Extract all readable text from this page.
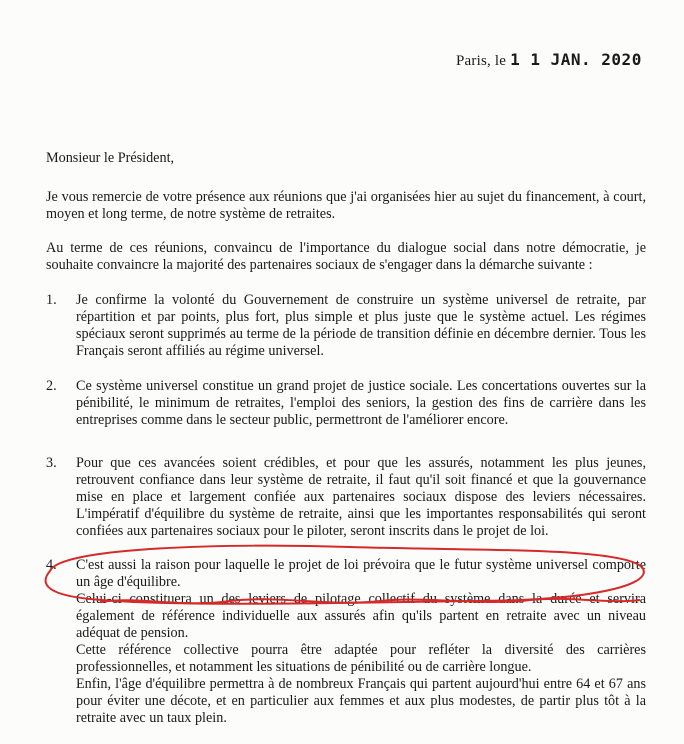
Paris, le 1 1 JAN. 2020
Monsieur le Président,

Je vous remercie de votre présence aux réunions que j'ai organisées hier au sujet du financement, à court, moyen et long terme, de notre système de retraites.

Au terme de ces réunions, convaincu de l'importance du dialogue social dans notre démocratie, je souhaite convaincre la majorité des partenaires sociaux de s'engager dans la démarche suivante :

1. Je confirme la volonté du Gouvernement de construire un système universel de retraite, par répartition et par points, plus fort, plus simple et plus juste que le système actuel. Les régimes spéciaux seront supprimés au terme de la période de transition définie en décembre dernier. Tous les Français seront affiliés au régime universel.

2. Ce système universel constitue un grand projet de justice sociale. Les concertations ouvertes sur la pénibilité, le minimum de retraites, l'emploi des seniors, la gestion des fins de carrière dans les entreprises comme dans le secteur public, permettront de l'améliorer encore.

3. Pour que ces avancées soient crédibles, et pour que les assurés, notamment les plus jeunes, retrouvent confiance dans leur système de retraite, il faut qu'il soit financé et que la gouvernance mise en place et largement confiée aux partenaires sociaux dispose des leviers nécessaires. L'impératif d'équilibre du système de retraite, ainsi que les importantes responsabilités qui seront confiées aux partenaires sociaux pour le piloter, seront inscrits dans le projet de loi.

4. C'est aussi la raison pour laquelle le projet de loi prévoira que le futur système universel comporte un âge d'équilibre.

Celui-ci constituera un des leviers de pilotage collectif du système dans la durée et servira également de référence individuelle aux assurés afin qu'ils partent en retraite avec un niveau adéquat de pension.

Cette référence collective pourra être adaptée pour refléter la diversité des carrières professionnelles, et notamment les situations de pénibilité ou de carrière longue.

Enfin, l'âge d'équilibre permettra à de nombreux Français qui partent aujourd'hui entre 64 et 67 ans pour éviter une décote, et en particulier aux femmes et aux plus modestes, de partir plus tôt à la retraite avec un taux plein.
